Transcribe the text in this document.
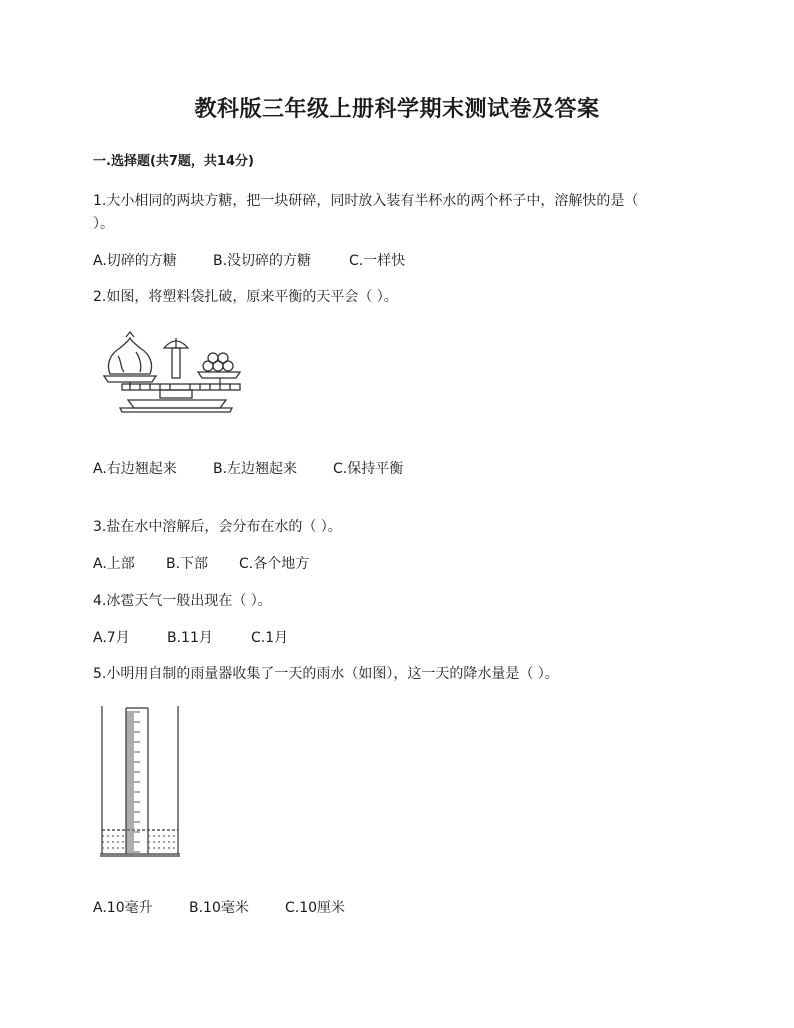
教科版三年级上册科学期末测试卷及答案
一.选择题(共7题，共14分)
1.大小相同的两块方糖，把一块研碎，同时放入装有半杯水的两个杯子中，溶解快的是（
）。
A.切碎的方糖	B.没切碎的方糖	C.一样快
2.如图，将塑料袋扎破，原来平衡的天平会（ ）。
A.右边翘起来	B.左边翘起来	C.保持平衡
3.盐在水中溶解后，会分布在水的（ ）。
A.上部	B.下部	C.各个地方
4.冰雹天气一般出现在（ ）。
A.7月	B.11月	C.1月
5.小明用自制的雨量器收集了一天的雨水（如图），这一天的降水量是（ ）。
A.10毫升	B.10毫米	C.10厘米
